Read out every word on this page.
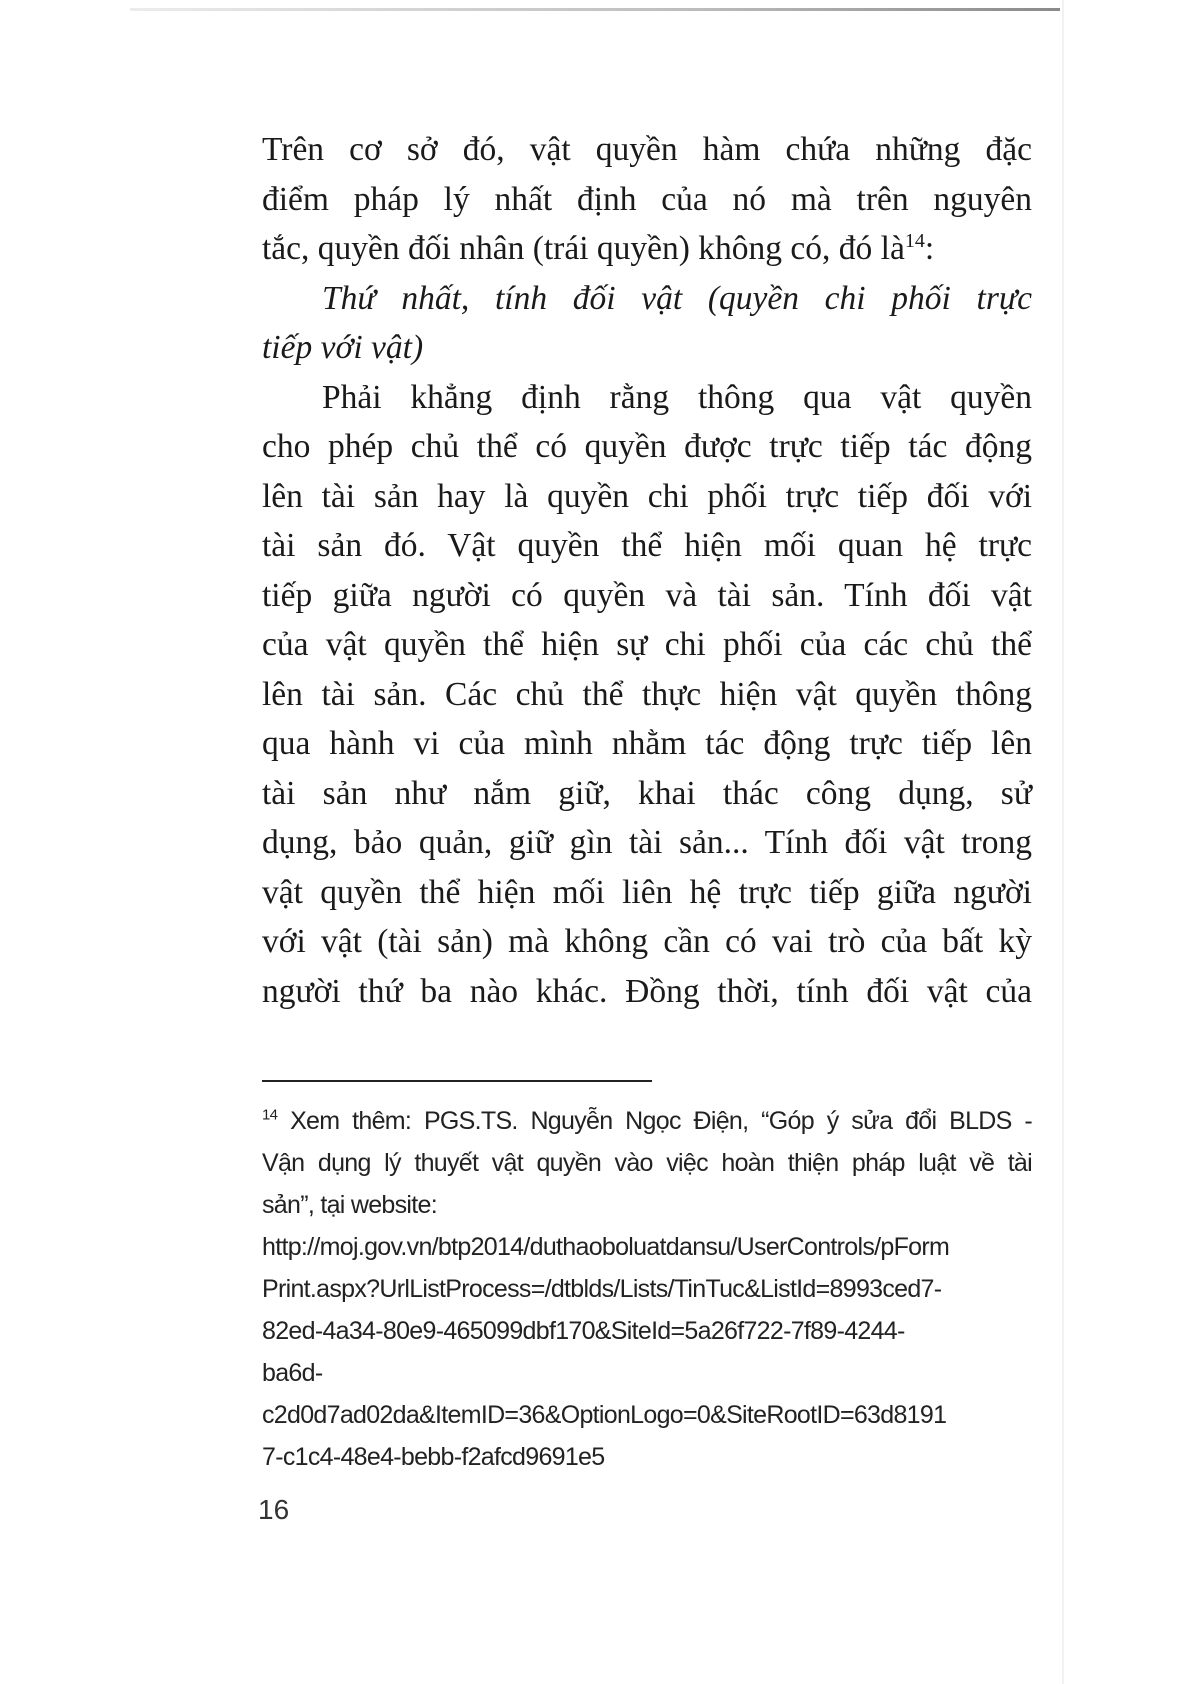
Trên cơ sở đó, vật quyền hàm chứa những đặc
điểm pháp lý nhất định của nó mà trên nguyên
tắc, quyền đối nhân (trái quyền) không có, đó là$^{14}$:

Thứ nhất, tính đối vật (quyền chi phối trực
tiếp với vật)

Phải khẳng định rằng thông qua vật quyền
cho phép chủ thể có quyền được trực tiếp tác động
lên tài sản hay là quyền chi phối trực tiếp đối với
tài sản đó. Vật quyền thể hiện mối quan hệ trực
tiếp giữa người có quyền và tài sản. Tính đối vật
của vật quyền thể hiện sự chi phối của các chủ thể
lên tài sản. Các chủ thể thực hiện vật quyền thông
qua hành vi của mình nhằm tác động trực tiếp lên
tài sản như nắm giữ, khai thác công dụng, sử
dụng, bảo quản, giữ gìn tài sản... Tính đối vật trong
vật quyền thể hiện mối liên hệ trực tiếp giữa người
với vật (tài sản) mà không cần có vai trò của bất kỳ
người thứ ba nào khác. Đồng thời, tính đối vật của

$^{14}$ Xem thêm: PGS.TS. Nguyễn Ngọc Điện, “Góp ý sửa đổi BLDS -
Vận dụng lý thuyết vật quyền vào việc hoàn thiện pháp luật về tài
sản”, tại website:
http://moj.gov.vn/btp2014/duthaoboluatdansu/UserControls/pForm
Print.aspx?UrlListProcess=/dtblds/Lists/TinTuc&ListId=8993ced7-
82ed-4a34-80e9-465099dbf170&SiteId=5a26f722-7f89-4244-
ba6d-
c2d0d7ad02da&ItemID=36&OptionLogo=0&SiteRootID=63d8191
7-c1c4-48e4-bebb-f2afcd9691e5
16
